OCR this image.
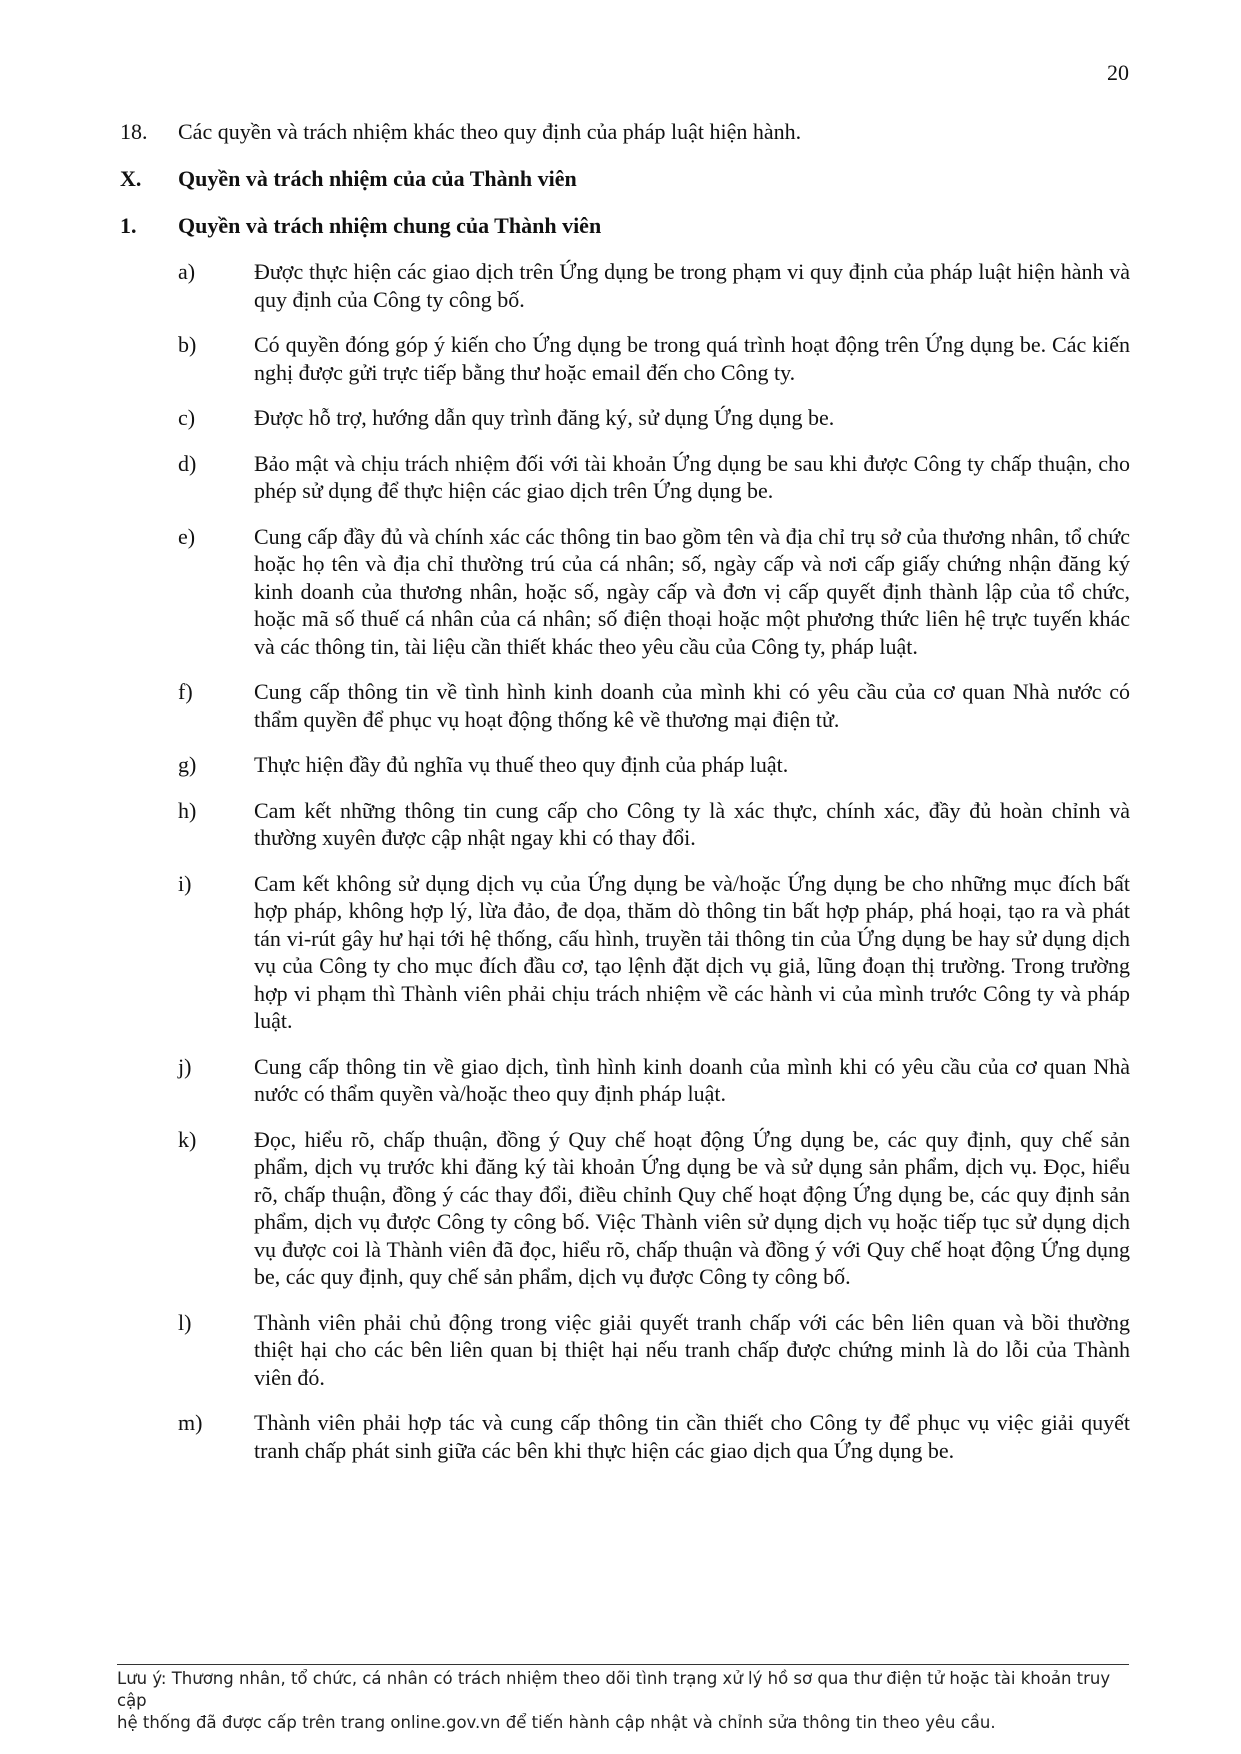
20
18.	Các quyền và trách nhiệm khác theo quy định của pháp luật hiện hành.
X.	Quyền và trách nhiệm của của Thành viên
1.	Quyền và trách nhiệm chung của Thành viên
a)	Được thực hiện các giao dịch trên Ứng dụng be trong phạm vi quy định của pháp luật hiện hành và quy định của Công ty công bố.
b)	Có quyền đóng góp ý kiến cho Ứng dụng be trong quá trình hoạt động trên Ứng dụng be. Các kiến nghị được gửi trực tiếp bằng thư hoặc email đến cho Công ty.
c)	Được hỗ trợ, hướng dẫn quy trình đăng ký, sử dụng Ứng dụng be.
d)	Bảo mật và chịu trách nhiệm đối với tài khoản Ứng dụng be sau khi được Công ty chấp thuận, cho phép sử dụng để thực hiện các giao dịch trên Ứng dụng be.
e)	Cung cấp đầy đủ và chính xác các thông tin bao gồm tên và địa chỉ trụ sở của thương nhân, tổ chức hoặc họ tên và địa chỉ thường trú của cá nhân; số, ngày cấp và nơi cấp giấy chứng nhận đăng ký kinh doanh của thương nhân, hoặc số, ngày cấp và đơn vị cấp quyết định thành lập của tổ chức, hoặc mã số thuế cá nhân của cá nhân; số điện thoại hoặc một phương thức liên hệ trực tuyến khác và các thông tin, tài liệu cần thiết khác theo yêu cầu của Công ty, pháp luật.
f)	Cung cấp thông tin về tình hình kinh doanh của mình khi có yêu cầu của cơ quan Nhà nước có thẩm quyền để phục vụ hoạt động thống kê về thương mại điện tử.
g)	Thực hiện đầy đủ nghĩa vụ thuế theo quy định của pháp luật.
h)	Cam kết những thông tin cung cấp cho Công ty là xác thực, chính xác, đầy đủ hoàn chỉnh và thường xuyên được cập nhật ngay khi có thay đổi.
i)	Cam kết không sử dụng dịch vụ của Ứng dụng be và/hoặc Ứng dụng be cho những mục đích bất hợp pháp, không hợp lý, lừa đảo, đe dọa, thăm dò thông tin bất hợp pháp, phá hoại, tạo ra và phát tán vi-rút gây hư hại tới hệ thống, cấu hình, truyền tải thông tin của Ứng dụng be hay sử dụng dịch vụ của Công ty cho mục đích đầu cơ, tạo lệnh đặt dịch vụ giả, lũng đoạn thị trường. Trong trường hợp vi phạm thì Thành viên phải chịu trách nhiệm về các hành vi của mình trước Công ty và pháp luật.
j)	Cung cấp thông tin về giao dịch, tình hình kinh doanh của mình khi có yêu cầu của cơ quan Nhà nước có thẩm quyền và/hoặc theo quy định pháp luật.
k)	Đọc, hiểu rõ, chấp thuận, đồng ý Quy chế hoạt động Ứng dụng be, các quy định, quy chế sản phẩm, dịch vụ trước khi đăng ký tài khoản Ứng dụng be và sử dụng sản phẩm, dịch vụ. Đọc, hiểu rõ, chấp thuận, đồng ý các thay đổi, điều chỉnh Quy chế hoạt động Ứng dụng be, các quy định sản phẩm, dịch vụ được Công ty công bố. Việc Thành viên sử dụng dịch vụ hoặc tiếp tục sử dụng dịch vụ được coi là Thành viên đã đọc, hiểu rõ, chấp thuận và đồng ý với Quy chế hoạt động Ứng dụng be, các quy định, quy chế sản phẩm, dịch vụ được Công ty công bố.
l)	Thành viên phải chủ động trong việc giải quyết tranh chấp với các bên liên quan và bồi thường thiệt hại cho các bên liên quan bị thiệt hại nếu tranh chấp được chứng minh là do lỗi của Thành viên đó.
m)	Thành viên phải hợp tác và cung cấp thông tin cần thiết cho Công ty để phục vụ việc giải quyết tranh chấp phát sinh giữa các bên khi thực hiện các giao dịch qua Ứng dụng be.
Lưu ý: Thương nhân, tổ chức, cá nhân có trách nhiệm theo dõi tình trạng xử lý hồ sơ qua thư điện tử hoặc tài khoản truy cập
hệ thống đã được cấp trên trang online.gov.vn để tiến hành cập nhật và chỉnh sửa thông tin theo yêu cầu.
